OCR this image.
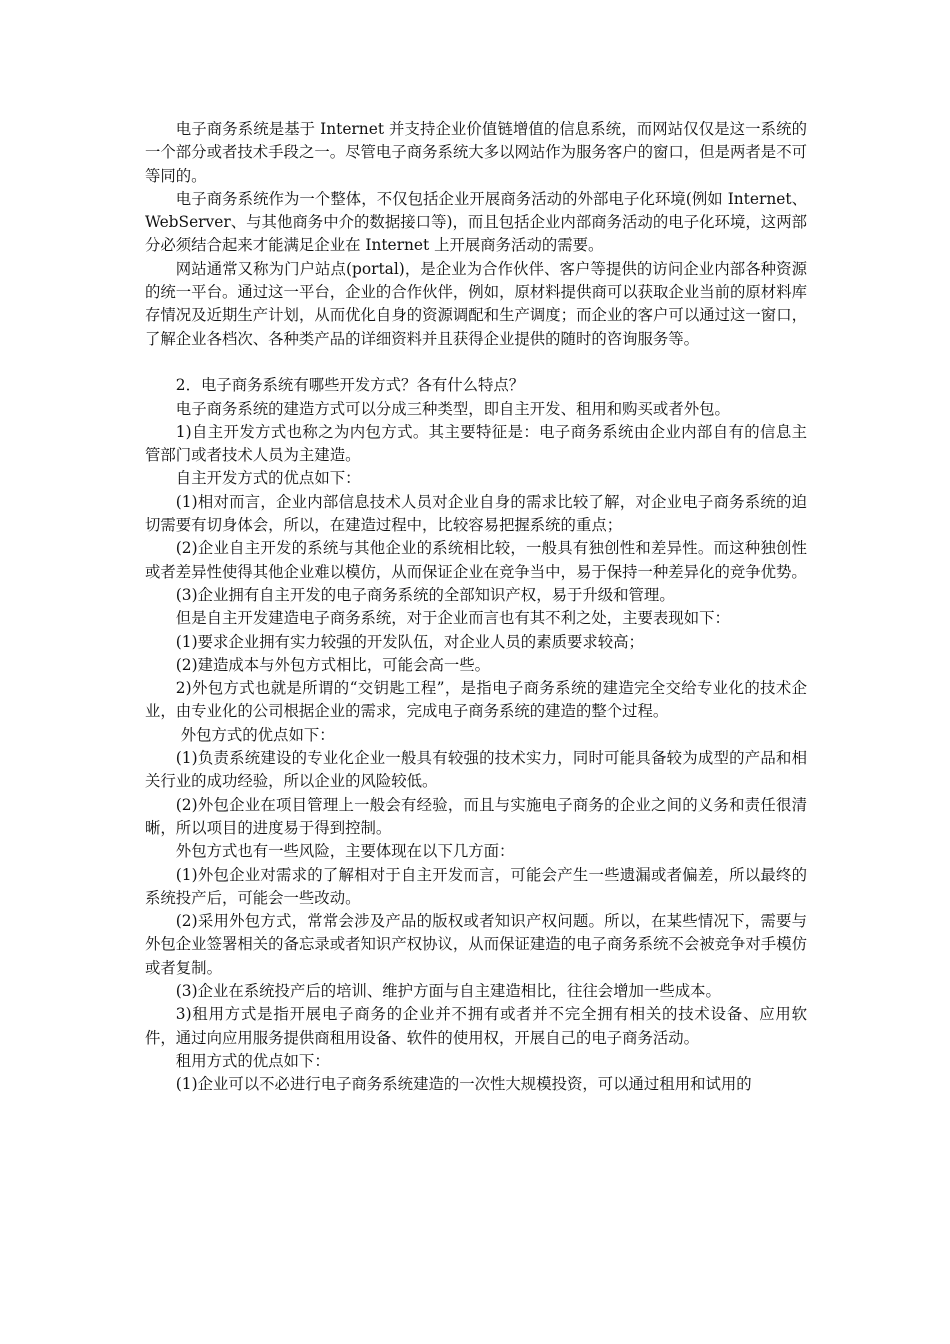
电子商务系统是基于 Internet 并支持企业价值链增值的信息系统，而网站仅仅是这一系统的一个部分或者技术手段之一。尽管电子商务系统大多以网站作为服务客户的窗口，但是两者是不可等同的。

电子商务系统作为一个整体，不仅包括企业开展商务活动的外部电子化环境(例如 Internet、WebServer、与其他商务中介的数据接口等)，而且包括企业内部商务活动的电子化环境，这两部分必须结合起来才能满足企业在 Internet 上开展商务活动的需要。

网站通常又称为门户站点(portal)，是企业为合作伙伴、客户等提供的访问企业内部各种资源的统一平台。通过这一平台，企业的合作伙伴，例如，原材料提供商可以获取企业当前的原材料库存情况及近期生产计划，从而优化自身的资源调配和生产调度；而企业的客户可以通过这一窗口，了解企业各档次、各种类产品的详细资料并且获得企业提供的随时的咨询服务等。

2．电子商务系统有哪些开发方式？各有什么特点？

电子商务系统的建造方式可以分成三种类型，即自主开发、租用和购买或者外包。

1)自主开发方式也称之为内包方式。其主要特征是：电子商务系统由企业内部自有的信息主管部门或者技术人员为主建造。

自主开发方式的优点如下：

(1)相对而言，企业内部信息技术人员对企业自身的需求比较了解，对企业电子商务系统的迫切需要有切身体会，所以，在建造过程中，比较容易把握系统的重点；

(2)企业自主开发的系统与其他企业的系统相比较，一般具有独创性和差异性。而这种独创性或者差异性使得其他企业难以模仿，从而保证企业在竞争当中，易于保持一种差异化的竞争优势。

(3)企业拥有自主开发的电子商务系统的全部知识产权，易于升级和管理。

但是自主开发建造电子商务系统，对于企业而言也有其不利之处，主要表现如下：

(1)要求企业拥有实力较强的开发队伍，对企业人员的素质要求较高；

(2)建造成本与外包方式相比，可能会高一些。

2)外包方式也就是所谓的“交钥匙工程”，是指电子商务系统的建造完全交给专业化的技术企业，由专业化的公司根据企业的需求，完成电子商务系统的建造的整个过程。

外包方式的优点如下：

(1)负责系统建设的专业化企业一般具有较强的技术实力，同时可能具备较为成型的产品和相关行业的成功经验，所以企业的风险较低。

(2)外包企业在项目管理上一般会有经验，而且与实施电子商务的企业之间的义务和责任很清晰，所以项目的进度易于得到控制。

外包方式也有一些风险，主要体现在以下几方面：

(1)外包企业对需求的了解相对于自主开发而言，可能会产生一些遗漏或者偏差，所以最终的系统投产后，可能会一些改动。

(2)采用外包方式，常常会涉及产品的版权或者知识产权问题。所以，在某些情况下，需要与外包企业签署相关的备忘录或者知识产权协议，从而保证建造的电子商务系统不会被竞争对手模仿或者复制。

(3)企业在系统投产后的培训、维护方面与自主建造相比，往往会增加一些成本。

3)租用方式是指开展电子商务的企业并不拥有或者并不完全拥有相关的技术设备、应用软件，通过向应用服务提供商租用设备、软件的使用权，开展自己的电子商务活动。

租用方式的优点如下：

(1)企业可以不必进行电子商务系统建造的一次性大规模投资，可以通过租用和试用的
